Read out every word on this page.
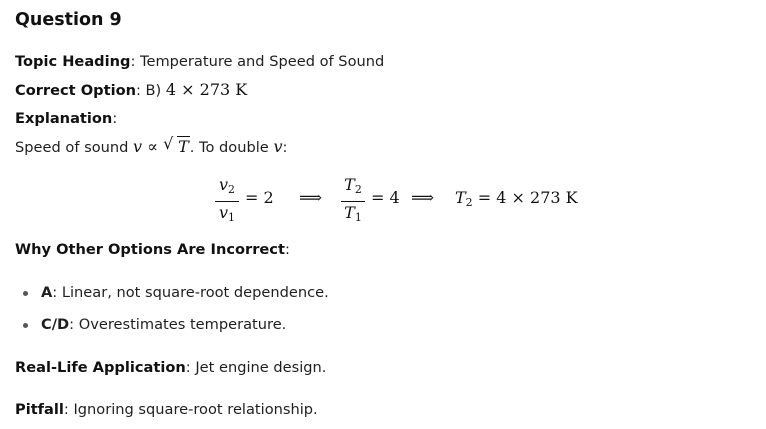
Question 9
Topic Heading: Temperature and Speed of Sound
Correct Option: B) 4 × 273 K
Explanation:
Speed of sound v ∝ √ T. To double v:
$v_2$
$v_1$
= 2 ⟹
$T_2$
$T_1$
= 4 ⟹ $T_2 = 4 \times 273$ K
Why Other Options Are Incorrect:
A: Linear, not square-root dependence.
C/D: Overestimates temperature.
Real-Life Application: Jet engine design.
Pitfall: Ignoring square-root relationship.
